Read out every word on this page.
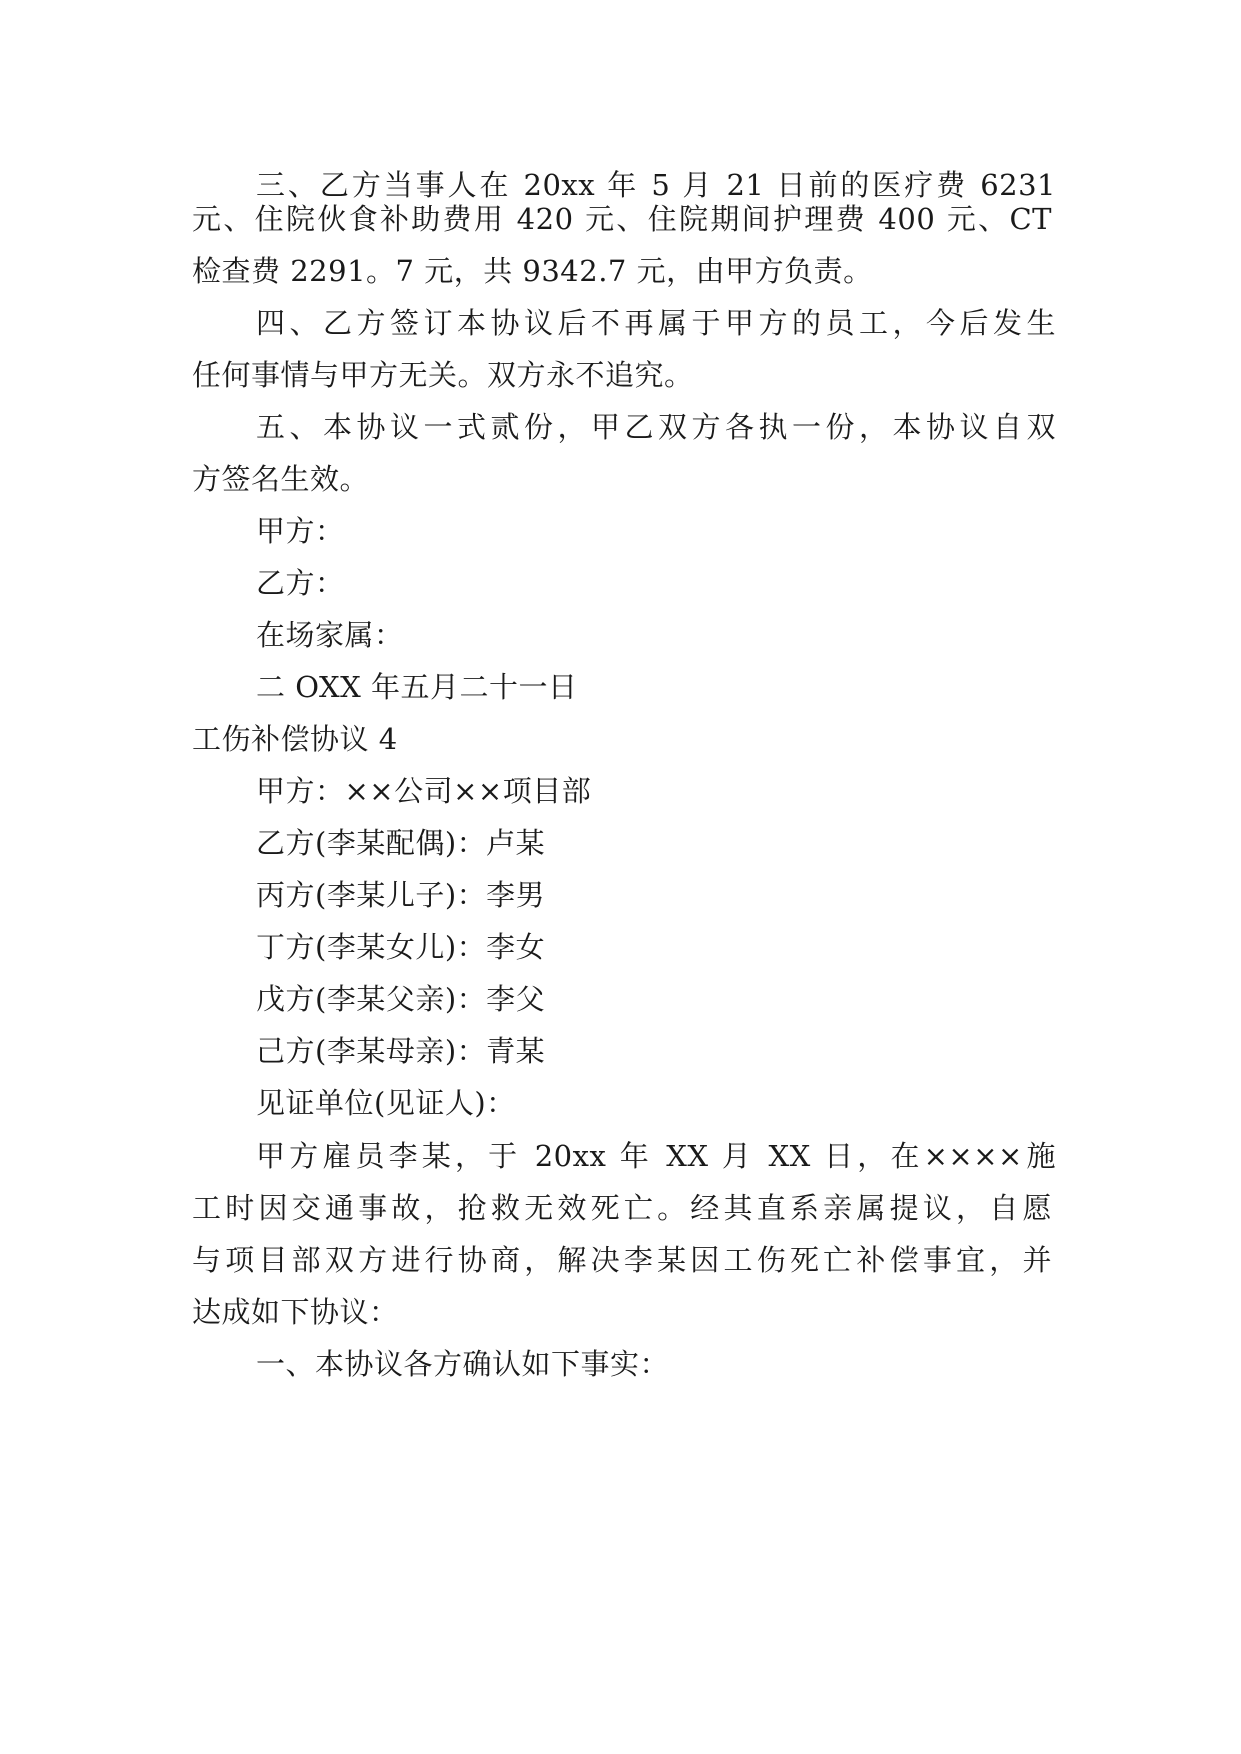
三、乙方当事人在 20xx 年 5 月 21 日前的医疗费 6231
元、住院伙食补助费用 420 元、住院期间护理费 400 元、CT
检查费 2291。7 元，共 9342.7 元，由甲方负责。
四、乙方签订本协议后不再属于甲方的员工，今后发生
任何事情与甲方无关。双方永不追究。
五、本协议一式贰份，甲乙双方各执一份，本协议自双
方签名生效。
甲方：
乙方：
在场家属：
二 OXX 年五月二十一日
工伤补偿协议 4
甲方：××公司××项目部
乙方(李某配偶)：卢某
丙方(李某儿子)：李男
丁方(李某女儿)：李女
戊方(李某父亲)：李父
己方(李某母亲)：青某
见证单位(见证人)：
甲方雇员李某，于 20xx 年 XX 月 XX 日，在××××施
工时因交通事故，抢救无效死亡。经其直系亲属提议，自愿
与项目部双方进行协商，解决李某因工伤死亡补偿事宜，并
达成如下协议：
一、本协议各方确认如下事实：
